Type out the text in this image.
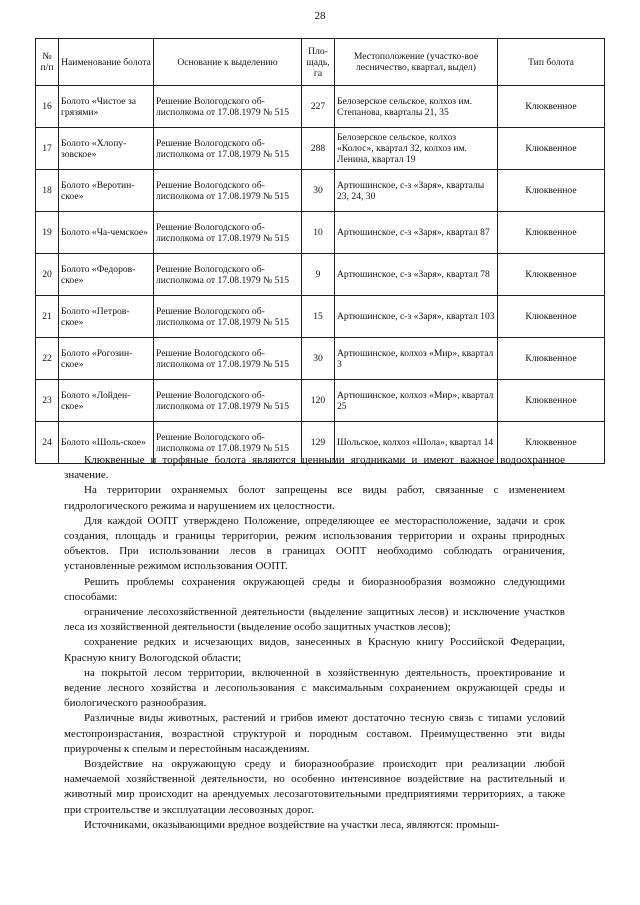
28
№ п/п	Наименование болота	Основание к выделению	Пло-щадь, га	Местоположение (участко-вое лесничество, квартал, выдел)	Тип болота
16	Болото «Чистое за грязями»	Решение Вологодского об-лисполкома от 17.08.1979 № 515	227	Белозерское сельское, колхоз им. Степанова, кварталы 21, 35	Клюквенное
17	Болото «Хлопу-зовское»	Решение Вологодского об-лисполкома от 17.08.1979 № 515	288	Белозерское сельское, колхоз «Колос», квартал 32, колхоз им. Ленина, квартал 19	Клюквенное
18	Болото «Веротин-ское»	Решение Вологодского об-лисполкома от 17.08.1979 № 515	30	Артюшинское, с-з «Заря», кварталы 23, 24, 30	Клюквенное
19	Болото «Ча-чемское»	Решение Вологодского об-лисполкома от 17.08.1979 № 515	10	Артюшинское, с-з «Заря», квартал 87	Клюквенное
20	Болото «Федоров-ское»	Решение Вологодского об-лисполкома от 17.08.1979 № 515	9	Артюшинское, с-з «Заря», квартал 78	Клюквенное
21	Болото «Петров-ское»	Решение Вологодского об-лисполкома от 17.08.1979 № 515	15	Артюшинское, с-з «Заря», квартал 103	Клюквенное
22	Болото «Рогозин-ское»	Решение Вологодского об-лисполкома от 17.08.1979 № 515	30	Артюшинское, колхоз «Мир», квартал 3	Клюквенное
23	Болото «Лойден-ское»	Решение Вологодского об-лисполкома от 17.08.1979 № 515	120	Артюшинское, колхоз «Мир», квартал 25	Клюквенное
24	Болото «Шоль-ское»	Решение Вологодского об-лисполкома от 17.08.1979 № 515	129	Шольское, колхоз «Шола», квартал 14	Клюквенное

Клюквенные и торфяные болота являются ценными ягодниками и имеют важное водоохранное значение.

На территории охраняемых болот запрещены все виды работ, связанные с изменением гидрологического режима и нарушением их целостности.

Для каждой ООПТ утверждено Положение, определяющее ее месторасположение, задачи и срок создания, площадь и границы территории, режим использования территории и охраны природных объектов. При использовании лесов в границах ООПТ необходимо соблюдать ограничения, установленные режимом использования ООПТ.

Решить проблемы сохранения окружающей среды и биоразнообразия возможно следующими способами:

ограничение лесохозяйственной деятельности (выделение защитных лесов) и исключение участков леса из хозяйственной деятельности (выделение особо защитных участков лесов);

сохранение редких и исчезающих видов, занесенных в Красную книгу Российской Федерации, Красную книгу Вологодской области;

на покрытой лесом территории, включенной в хозяйственную деятельность, проектирование и ведение лесного хозяйства и лесопользования с максимальным сохранением окружающей среды и биологического разнообразия.

Различные виды животных, растений и грибов имеют достаточно тесную связь с типами условий местопроизрастания, возрастной структурой и породным составом. Преимущественно эти виды приурочены к спелым и перестойным насаждениям.

Воздействие на окружающую среду и биоразнообразие происходит при реализации любой намечаемой хозяйственной деятельности, но особенно интенсивное воздействие на растительный и животный мир происходит на арендуемых лесозаготовительными предприятиями территориях, а также при строительстве и эксплуатации лесовозных дорог.

Источниками, оказывающими вредное воздействие на участки леса, являются: промыш-
